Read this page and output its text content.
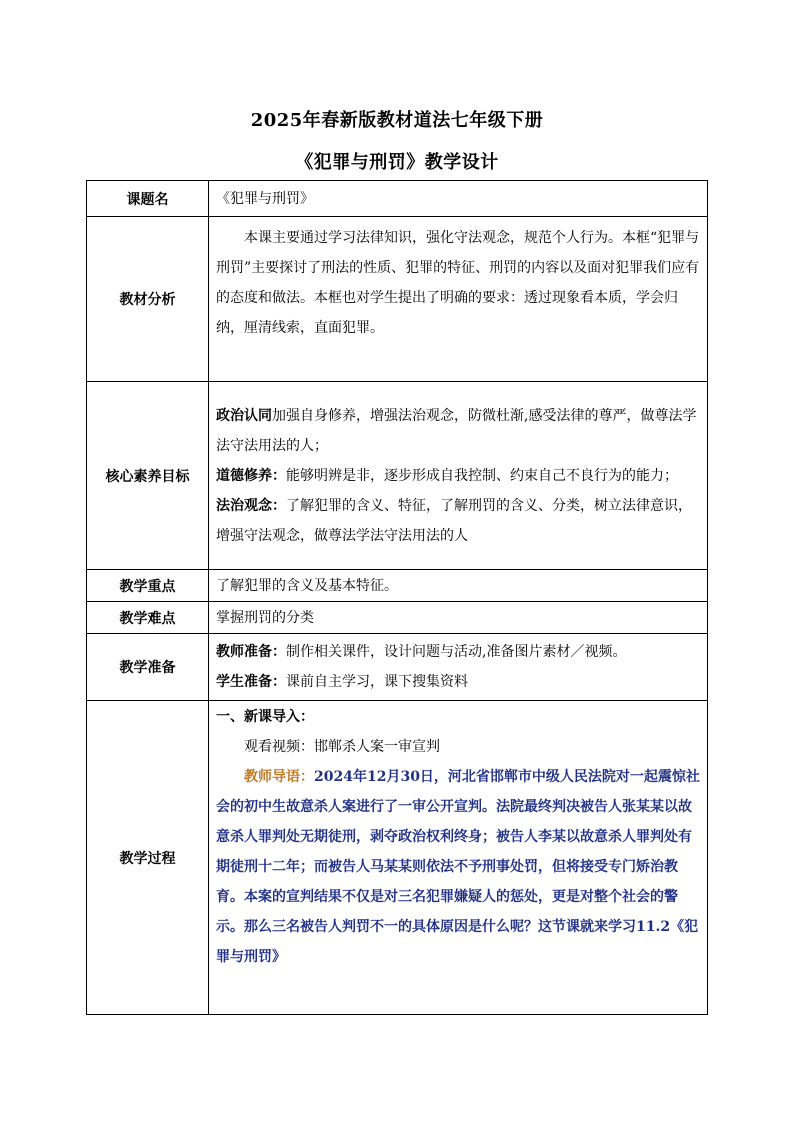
2025年春新版教材道法七年级下册
《犯罪与刑罚》教学设计
课题名	《犯罪与刑罚》
教材分析	本课主要通过学习法律知识，强化守法观念，规范个人行为。本框“犯罪与刑罚”主要探讨了刑法的性质、犯罪的特征、刑罚的内容以及面对犯罪我们应有的态度和做法。本框也对学生提出了明确的要求：透过现象看本质，学会归纳，厘清线索，直面犯罪。

核心素养目标	政治认同加强自身修养，增强法治观念，防微杜渐,感受法律的尊严，做尊法学法守法用法的人；
道德修养：能够明辨是非，逐步形成自我控制、约束自己不良行为的能力；
法治观念：了解犯罪的含义、特征，了解刑罚的含义、分类，树立法律意识，增强守法观念，做尊法学法守法用法的人

教学重点	了解犯罪的含义及基本特征。
教学难点	掌握刑罚的分类
教学准备	教师准备：制作相关课件，设计问题与活动,准备图片素材／视频。
学生准备：课前自主学习，课下搜集资料

教学过程	一、新课导入：
观看视频：邯郸杀人案一审宣判
教师导语：2024年12月30日，河北省邯郸市中级人民法院对一起震惊社会的初中生故意杀人案进行了一审公开宣判。法院最终判决被告人张某某以故意杀人罪判处无期徒刑，剥夺政治权利终身；被告人李某以故意杀人罪判处有期徒刑十二年；而被告人马某某则依法不予刑事处罚，但将接受专门矫治教育。本案的宣判结果不仅是对三名犯罪嫌疑人的惩处，更是对整个社会的警示。那么三名被告人判罚不一的具体原因是什么呢？这节课就来学习11.2《犯罪与刑罚》
